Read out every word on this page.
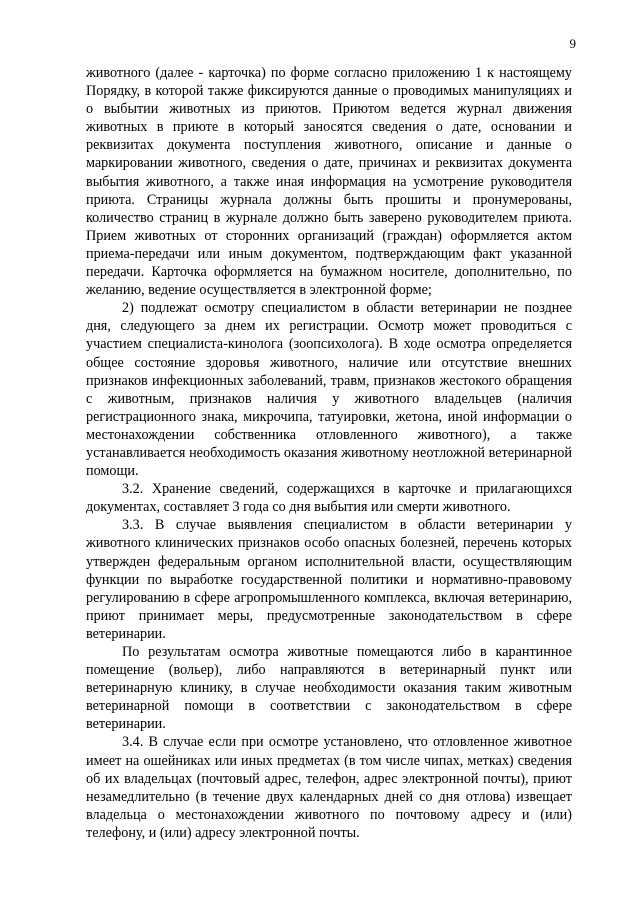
9

животного (далее - карточка) по форме согласно приложению 1 к настоящему Порядку, в которой также фиксируются данные о проводимых манипуляциях и о выбытии животных из приютов. Приютом ведется журнал движения животных в приюте в который заносятся сведения о дате, основании и реквизитах документа поступления животного, описание и данные о маркировании животного, сведения о дате, причинах и реквизитах документа выбытия животного, а также иная информация на усмотрение руководителя приюта. Страницы журнала должны быть прошиты и пронумерованы, количество страниц в журнале должно быть заверено руководителем приюта. Прием животных от сторонних организаций (граждан) оформляется актом приема-передачи или иным документом, подтверждающим факт указанной передачи. Карточка оформляется на бумажном носителе, дополнительно, по желанию, ведение осуществляется в электронной форме;

2) подлежат осмотру специалистом в области ветеринарии не позднее дня, следующего за днем их регистрации. Осмотр может проводиться с участием специалиста-кинолога (зоопсихолога). В ходе осмотра определяется общее состояние здоровья животного, наличие или отсутствие внешних признаков инфекционных заболеваний, травм, признаков жестокого обращения с животным, признаков наличия у животного владельцев (наличия регистрационного знака, микрочипа, татуировки, жетона, иной информации о местонахождении собственника отловленного животного), а также устанавливается необходимость оказания животному неотложной ветеринарной помощи.

3.2. Хранение сведений, содержащихся в карточке и прилагающихся документах, составляет 3 года со дня выбытия или смерти животного.

3.3. В случае выявления специалистом в области ветеринарии у животного клинических признаков особо опасных болезней, перечень которых утвержден федеральным органом исполнительной власти, осуществляющим функции по выработке государственной политики и нормативно-правовому регулированию в сфере агропромышленного комплекса, включая ветеринарию, приют принимает меры, предусмотренные законодательством в сфере ветеринарии.

По результатам осмотра животные помещаются либо в карантинное помещение (вольер), либо направляются в ветеринарный пункт или ветеринарную клинику, в случае необходимости оказания таким животным ветеринарной помощи в соответствии с законодательством в сфере ветеринарии.

3.4. В случае если при осмотре установлено, что отловленное животное имеет на ошейниках или иных предметах (в том числе чипах, метках) сведения об их владельцах (почтовый адрес, телефон, адрес электронной почты), приют незамедлительно (в течение двух календарных дней со дня отлова) извещает владельца о местонахождении животного по почтовому адресу и (или) телефону, и (или) адресу электронной почты.
